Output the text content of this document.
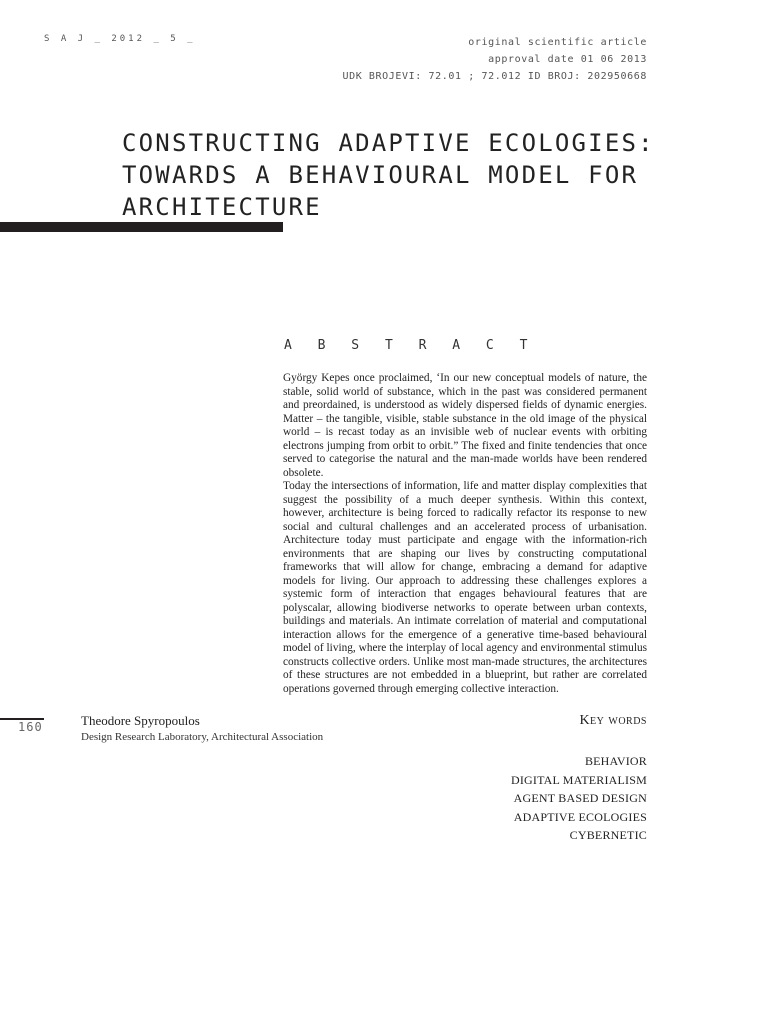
S A J _ 2012 _ 5 _	original scientific article
approval date 01 06 2013
UDK BROJEVI: 72.01 ; 72.012 ID BROJ: 202950668
CONSTRUCTING ADAPTIVE ECOLOGIES:
TOWARDS A BEHAVIOURAL MODEL FOR
ARCHITECTURE
A B S T R A C T

György Kepes once proclaimed, ‘In our new conceptual models of nature, the stable, solid world of substance, which in the past was considered permanent and preordained, is understood as widely dispersed fields of dynamic energies. Matter – the tangible, visible, stable substance in the old image of the physical world – is recast today as an invisible web of nuclear events with orbiting electrons jumping from orbit to orbit.” The fixed and finite tendencies that once served to categorise the natural and the man-made worlds have been rendered obsolete.

Today the intersections of information, life and matter display complexities that suggest the possibility of a much deeper synthesis. Within this context, however, architecture is being forced to radically refactor its response to new social and cultural challenges and an accelerated process of urbanisation. Architecture today must participate and engage with the information-rich environments that are shaping our lives by constructing computational frameworks that will allow for change, embracing a demand for adaptive models for living. Our approach to addressing these challenges explores a systemic form of interaction that engages behavioural features that are polyscalar, allowing biodiverse networks to operate between urban contexts, buildings and materials. An intimate correlation of material and computational interaction allows for the emergence of a generative time-based behavioural model of living, where the interplay of local agency and environmental stimulus constructs collective orders. Unlike most man-made structures, the architectures of these structures are not embedded in a blueprint, but rather are correlated operations governed through emerging collective interaction.

160	Theodore Spyropoulos
Design Research Laboratory, Architectural Association
Key words
BEHAVIOR
DIGITAL MATERIALISM
AGENT BASED DESIGN
ADAPTIVE ECOLOGIES
CYBERNETIC
